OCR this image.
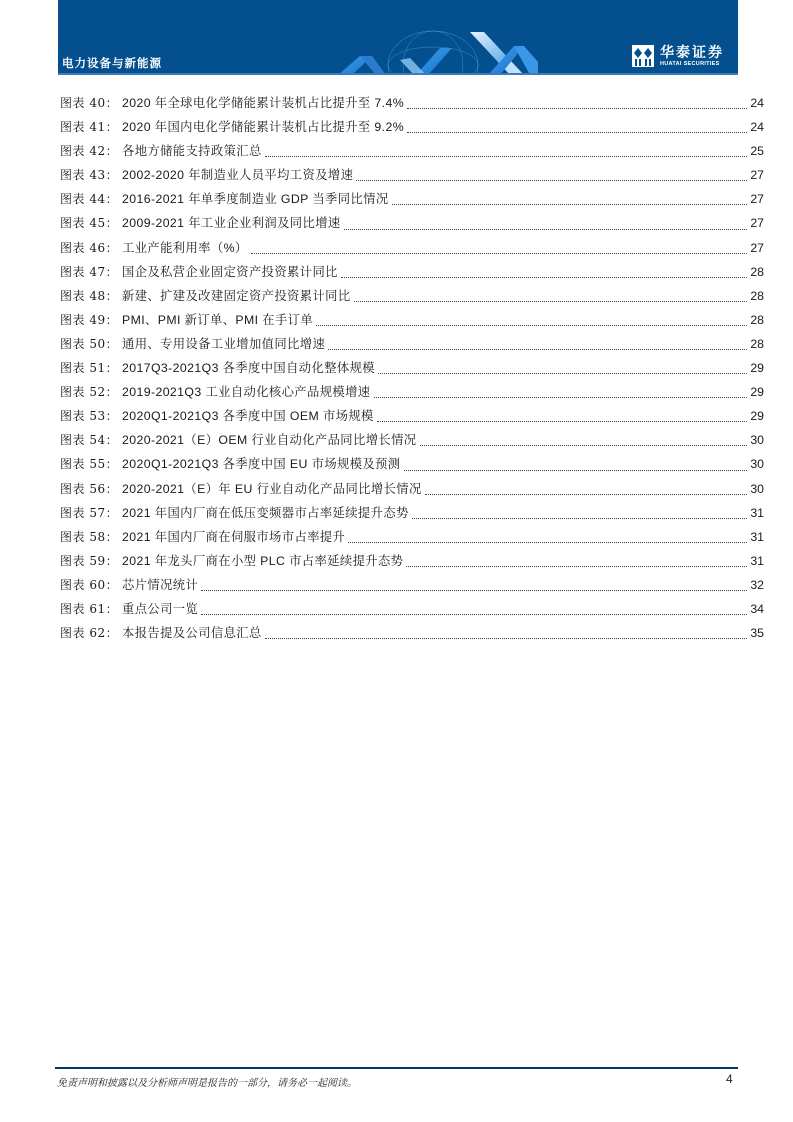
电力设备与新能源
华泰证券
HUATAI SECURITIES
图表 40： 2020 年全球电化学储能累计装机占比提升至 7.4%	24
图表 41： 2020 年国内电化学储能累计装机占比提升至 9.2%	24
图表 42： 各地方储能支持政策汇总	25
图表 43： 2002-2020 年制造业人员平均工资及增速	27
图表 44： 2016-2021 年单季度制造业 GDP 当季同比情况	27
图表 45： 2009-2021 年工业企业利润及同比增速	27
图表 46： 工业产能利用率（%）	27
图表 47： 国企及私营企业固定资产投资累计同比	28
图表 48： 新建、扩建及改建固定资产投资累计同比	28
图表 49： PMI、PMI 新订单、PMI 在手订单	28
图表 50： 通用、专用设备工业增加值同比增速	28
图表 51： 2017Q3-2021Q3 各季度中国自动化整体规模	29
图表 52： 2019-2021Q3 工业自动化核心产品规模增速	29
图表 53： 2020Q1-2021Q3 各季度中国 OEM 市场规模	29
图表 54： 2020-2021（E）OEM 行业自动化产品同比增长情况	30
图表 55： 2020Q1-2021Q3 各季度中国 EU 市场规模及预测	30
图表 56： 2020-2021（E）年 EU 行业自动化产品同比增长情况	30
图表 57： 2021 年国内厂商在低压变频器市占率延续提升态势	31
图表 58： 2021 年国内厂商在伺服市场市占率提升	31
图表 59： 2021 年龙头厂商在小型 PLC 市占率延续提升态势	31
图表 60： 芯片情况统计	32
图表 61： 重点公司一览	34
图表 62： 本报告提及公司信息汇总	35
免责声明和披露以及分析师声明是报告的一部分，请务必一起阅读。	4
